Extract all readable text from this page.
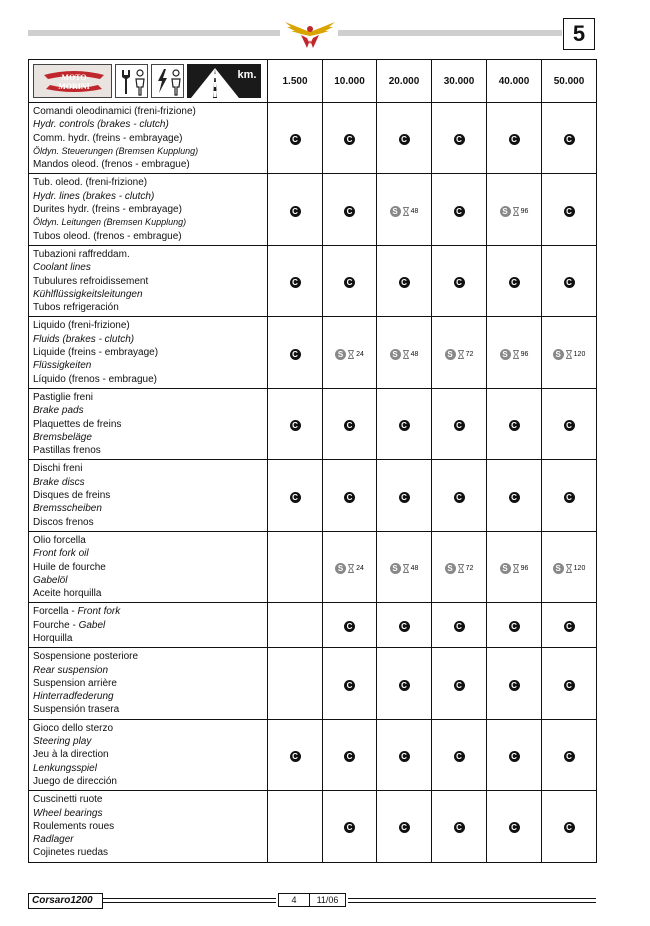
5
MOTO
MORINI
km.	1.500	10.000	20.000	30.000	40.000	50.000

Comandi oleodinamici (freni-frizione)
Hydr. controls (brakes - clutch)
Comm. hydr. (freins - embrayage)
Öldyn. Steuerungen (Bremsen Kupplung)
Mandos oleod. (frenos - embrague)	C	C	C	C	C	C

Tub. oleod. (freni-frizione)
Hydr. lines (brakes - clutch)
Durites hydr. (freins - embrayage)
Öldyn. Leitungen (Bremsen Kupplung)
Tubos oleod. (frenos - embrague)	C	C	S 48	C	S 96	C

Tubazioni raffreddam.
Coolant lines
Tubulures refroidissement
Kühlflüssigkeitsleitungen
Tubos refrigeración	C	C	C	C	C	C

Liquido (freni-frizione)
Fluids (brakes - clutch)
Liquide (freins - embrayage)
Flüssigkeiten
Líquido (frenos - embrague)	C	S 24	S 48	S 72	S 96	S 120

Pastiglie freni
Brake pads
Plaquettes de freins
Bremsbeläge
Pastillas frenos	C	C	C	C	C	C

Dischi freni
Brake discs
Disques de freins
Bremsscheiben
Discos frenos	C	C	C	C	C	C

Olio forcella
Front fork oil
Huile de fourche
Gabelöl
Aceite horquilla		S 24	S 48	S 72	S 96	S 120

Forcella - Front fork
Fourche - Gabel
Horquilla		C	C	C	C	C

Sospensione posteriore
Rear suspension
Suspension arrière
Hinterradfederung
Suspensión trasera		C	C	C	C	C

Gioco dello sterzo
Steering play
Jeu à la direction
Lenkungsspiel
Juego de dirección	C	C	C	C	C	C

Cuscinetti ruote
Wheel bearings
Roulements roues
Radlager
Cojinetes ruedas		C	C	C	C	C
Corsaro1200	4	11/06
